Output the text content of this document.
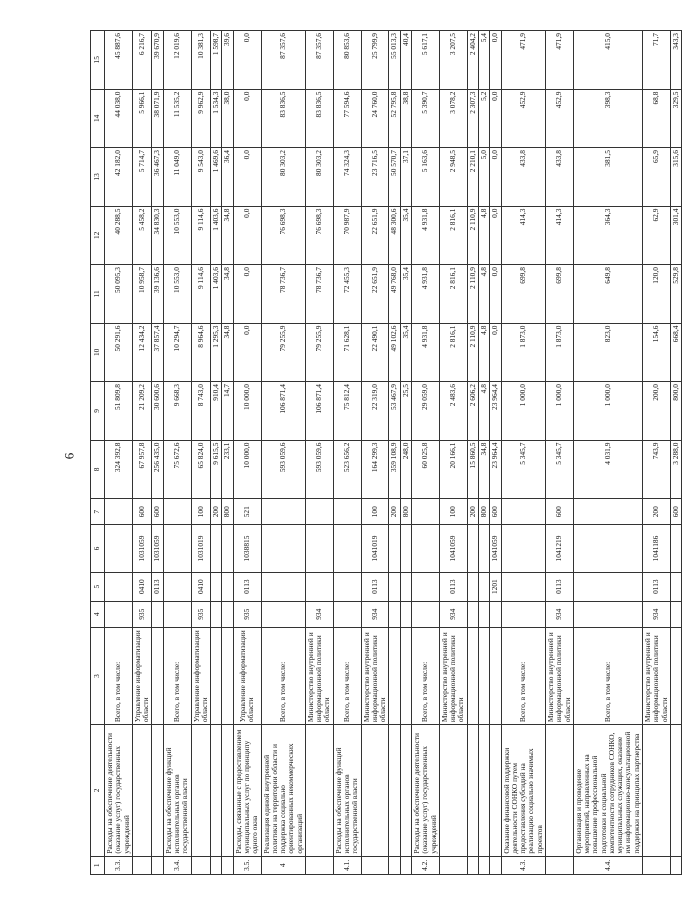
6
1	2	3	4	5	6	7	8	9	10	11	12	13	14	15
3.3.	Расходы на обеспечение деятельности (оказание услуг) государственных учреждений	Всего, в том числе:					324 392,8	51 809,8	50 291,6	50 095,3	40 288,5	42 182,0	44 038,0	45 887,6
		Управление информатизации области	935	0410	1031059	600	67 957,8	21 209,2	12 434,2	10 958,7	5 458,2	5 714,7	5 966,1	6 216,7
				0113	1031059	600	256 435,0	30 600,6	37 857,4	39 136,6	34 830,3	36 467,3	38 071,9	39 670,9
3.4.	Расходы на обеспечение функций исполнительных органов государственной власти	Всего, в том числе:					75 672,6	9 668,3	10 294,7	10 553,0	10 553,0	11 049,0	11 535,2	12 019,6
		Управление информатизации области	935	0410	1031019	100	65 824,0	8 743,0	8 964,6	9 114,6	9 114,6	9 543,0	9 962,9	10 381,3
						200	9 615,5	910,4	1 295,3	1 403,6	1 403,6	1 469,6	1 534,3	1 598,7
						800	233,1	14,7	34,8	34,8	34,8	36,4	38,0	39,6
3.5.	Расходы, связанные с предоставлением муниципальных услуг по принципу одного окна	Управление информатизации области	935	0113	1038815	521	10 000,0	10 000,0	0,0	0,0	0,0	0,0	0,0	0,0
4	Реализация единой внутренней политики на территории области и поддержка социально ориентированных некоммерческих организаций	Всего, в том числе:					593 059,6	106 871,4	79 255,9	78 736,7	76 698,3	80 303,2	83 836,5	87 357,6
		Министерство внутренней и информационной политики области	934				593 059,6	106 871,4	79 255,9	78 736,7	76 698,3	80 303,2	83 836,5	87 357,6
4.1.	Расходы на обеспечение функций исполнительных органов государственной власти	Всего, в том числе:					523 656,2	75 812,4	71 628,1	72 455,3	70 987,9	74 324,3	77 594,6	80 853,6
		Министерство внутренней и информационной политики области	934	0113	1041019	100	164 299,3	22 319,0	22 490,1	22 651,9	22 651,9	23 716,5	24 760,0	25 799,9
						200	359 108,9	53 467,9	49 102,6	49 768,0	48 300,6	50 570,7	52 795,8	55 013,3
						800	248,0	25,5	35,4	35,4	35,4	37,1	38,8	40,4
4.2.	Расходы на обеспечение деятельности (оказание услуг) государственных учреждений	Всего, в том числе:					60 025,8	29 059,0	4 931,8	4 931,8	4 931,8	5 163,6	5 390,7	5 617,1
		Министерство внутренней и информационной политики области	934	0113	1041059	100	20 166,1	2 483,6	2 816,1	2 816,1	2 816,1	2 948,5	3 078,2	3 207,5
						200	15 860,5	2 606,2	2 110,9	2 110,9	2 110,9	2 210,1	2 307,3	2 404,2
						800	34,8	4,8	4,8	4,8	4,8	5,0	5,2	5,4
				1201	1041059	600	23 964,4	23 964,4	0,0	0,0	0,0	0,0	0,0	0,0
4.3.	Оказание финансовой поддержки деятельности СОНКО путем предоставления субсидий на реализацию социально значимых проектов	Всего, в том числе:					5 345,7	1 000,0	1 873,0	699,8	414,3	433,8	452,9	471,9
		Министерство внутренней и информационной политики области	934	0113	1041219	600	5 345,7	1 000,0	1 873,0	699,8	414,3	433,8	452,9	471,9
4.4.	Организация и проведение мероприятий, направленных на повышение профессиональной подготовки и социальной компетентности сотрудников СОНКО, муниципальных служащих, оказание им информационно-консультационной поддержки на принципах партнерства	Всего, в том числе:					4 031,9	1 000,0	823,0	649,8	364,3	381,5	398,3	415,0
		Министерство внутренней и информационной политики области	934	0113	1041186	200	743,9	200,0	154,6	120,0	62,9	65,9	68,8	71,7
						600	3 288,0	800,0	668,4	529,8	301,4	315,6	329,5	343,3
